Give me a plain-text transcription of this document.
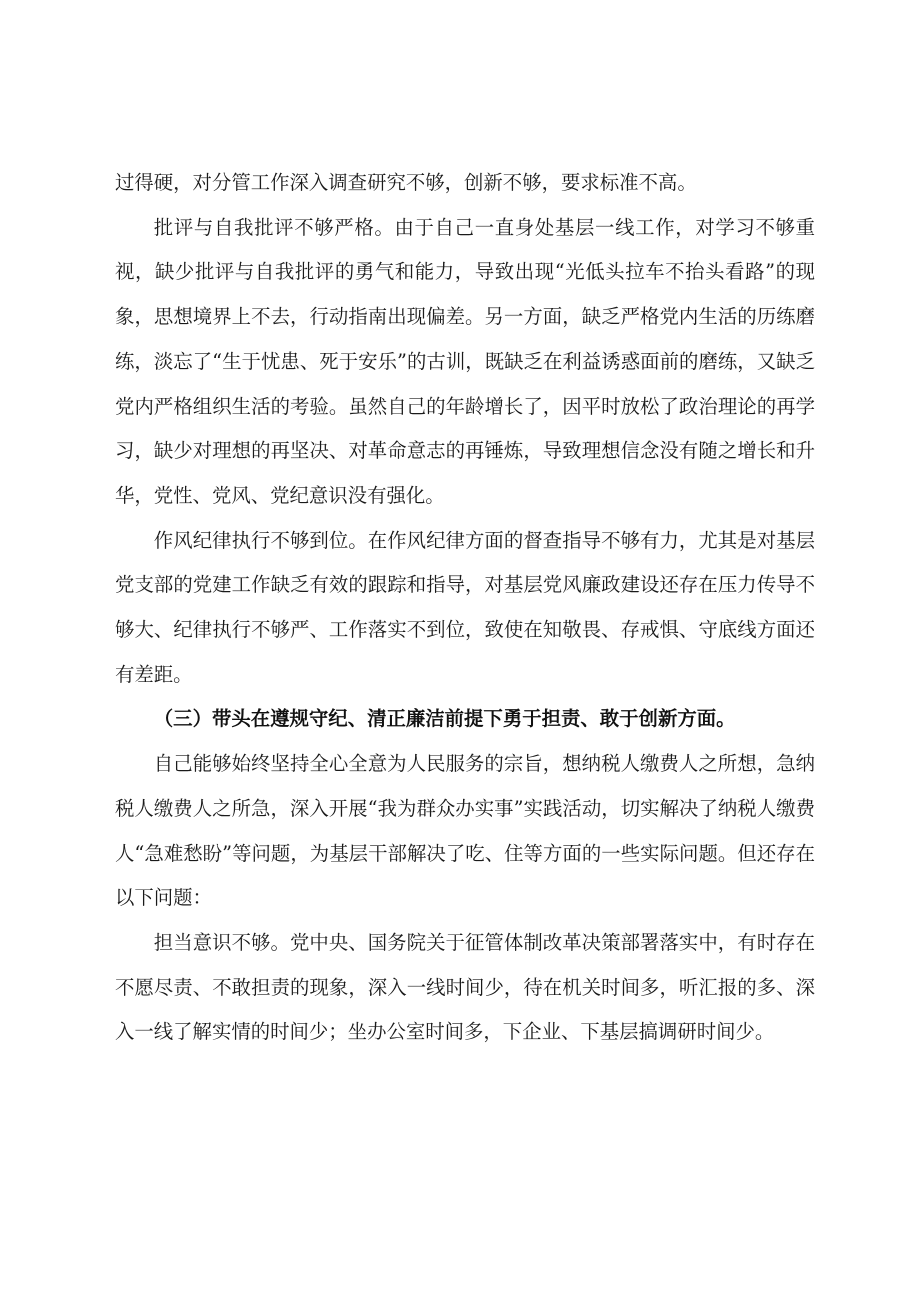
过得硬，对分管工作深入调查研究不够，创新不够，要求标准不高。

批评与自我批评不够严格。由于自己一直身处基层一线工作，对学习不够重视，缺少批评与自我批评的勇气和能力，导致出现“光低头拉车不抬头看路”的现象，思想境界上不去，行动指南出现偏差。另一方面，缺乏严格党内生活的历练磨练，淡忘了“生于忧患、死于安乐”的古训，既缺乏在利益诱惑面前的磨练，又缺乏党内严格组织生活的考验。虽然自己的年龄增长了，因平时放松了政治理论的再学习，缺少对理想的再坚决、对革命意志的再锤炼，导致理想信念没有随之增长和升华，党性、党风、党纪意识没有强化。

作风纪律执行不够到位。在作风纪律方面的督查指导不够有力，尤其是对基层党支部的党建工作缺乏有效的跟踪和指导，对基层党风廉政建设还存在压力传导不够大、纪律执行不够严、工作落实不到位，致使在知敬畏、存戒惧、守底线方面还有差距。

（三）带头在遵规守纪、清正廉洁前提下勇于担责、敢于创新方面。

自己能够始终坚持全心全意为人民服务的宗旨，想纳税人缴费人之所想，急纳税人缴费人之所急，深入开展“我为群众办实事”实践活动，切实解决了纳税人缴费人“急难愁盼”等问题，为基层干部解决了吃、住等方面的一些实际问题。但还存在以下问题：

担当意识不够。党中央、国务院关于征管体制改革决策部署落实中，有时存在不愿尽责、不敢担责的现象，深入一线时间少，待在机关时间多，听汇报的多、深入一线了解实情的时间少；坐办公室时间多，下企业、下基层搞调研时间少。
